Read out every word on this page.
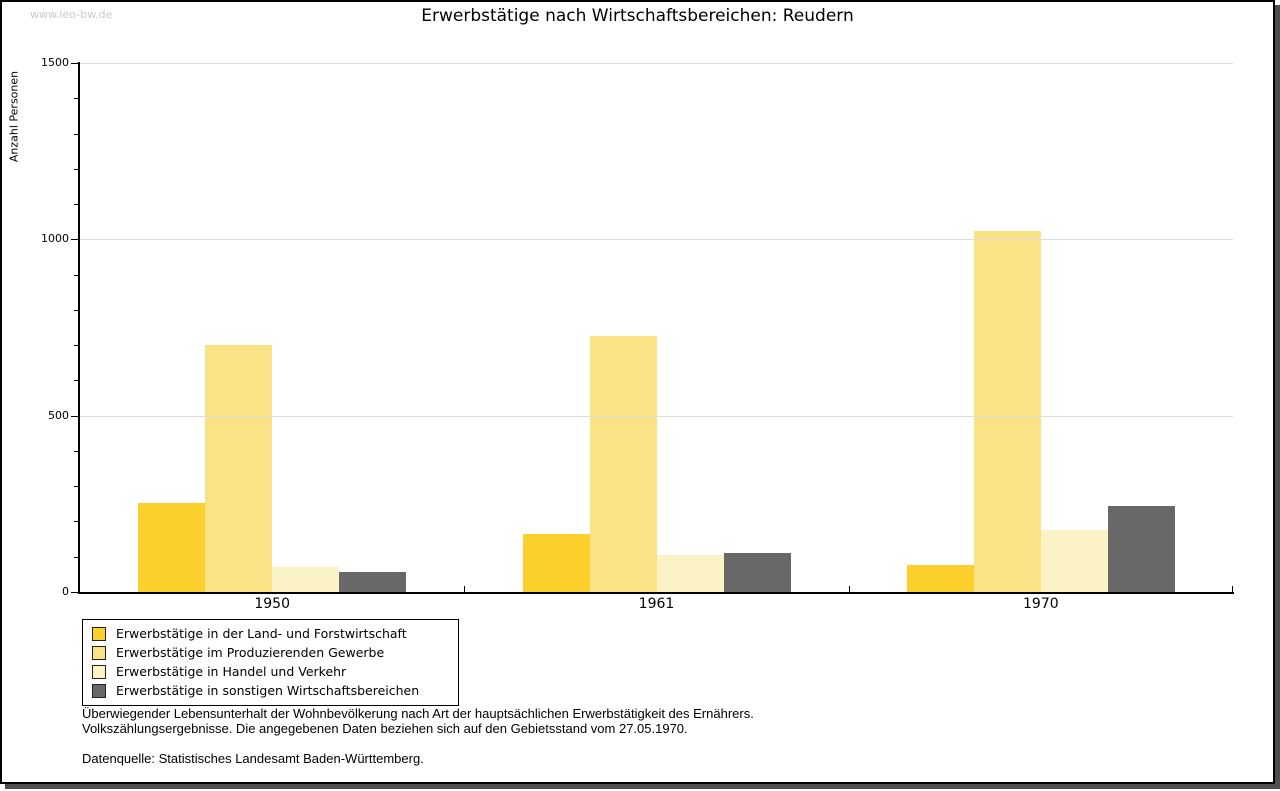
www.leo-bw.de	Erwerbstätige nach Wirtschaftsbereichen: Reudern
Anzahl Personen
0
500
1000
1500
1950	1961	1970
Erwerbstätige in der Land- und Forstwirtschaft
Erwerbstätige im Produzierenden Gewerbe
Erwerbstätige in Handel und Verkehr
Erwerbstätige in sonstigen Wirtschaftsbereichen
Überwiegender Lebensunterhalt der Wohnbevölkerung nach Art der hauptsächlichen Erwerbstätigkeit des Ernährers.
Volkszählungsergebnisse. Die angegebenen Daten beziehen sich auf den Gebietsstand vom 27.05.1970.
Datenquelle: Statistisches Landesamt Baden-Württemberg.
